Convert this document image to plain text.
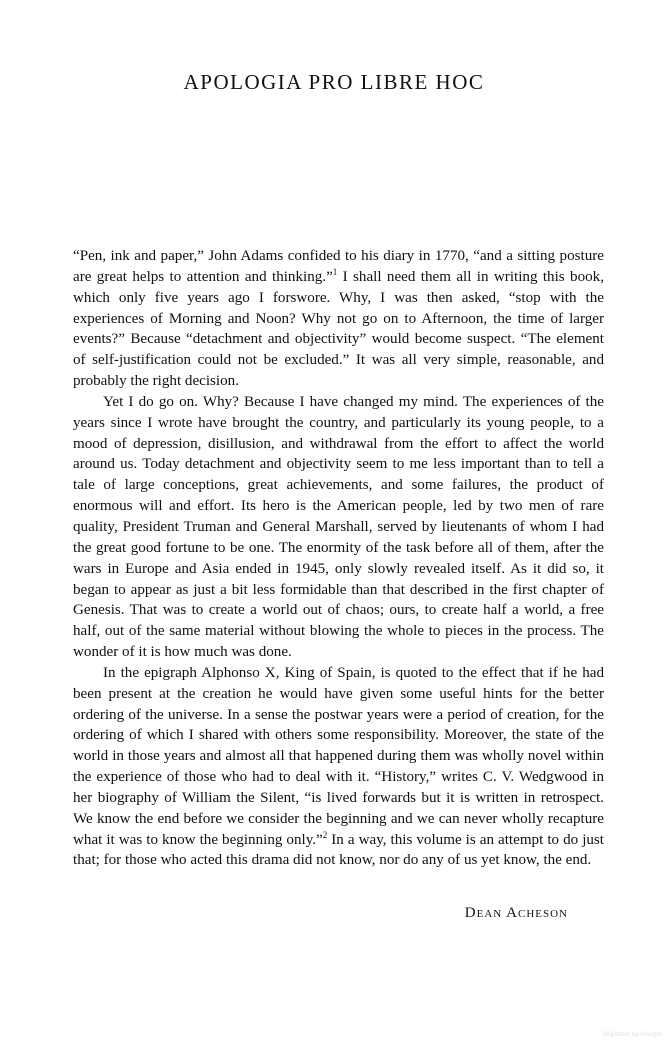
APOLOGIA PRO LIBRE HOC

“Pen, ink and paper,” John Adams confided to his diary in 1770, “and a sitting posture are great helps to attention and thinking.”$^1$ I shall need them all in writing this book, which only five years ago I forswore. Why, I was then asked, “stop with the experiences of Morning and Noon? Why not go on to Afternoon, the time of larger events?” Because “detachment and objectivity” would become suspect. “The element of self-justification could not be excluded.” It was all very simple, reasonable, and probably the right decision.

Yet I do go on. Why? Because I have changed my mind. The experiences of the years since I wrote have brought the country, and particularly its young people, to a mood of depression, disillusion, and withdrawal from the effort to affect the world around us. Today detachment and objectivity seem to me less important than to tell a tale of large conceptions, great achievements, and some failures, the product of enormous will and effort. Its hero is the American people, led by two men of rare quality, President Truman and General Marshall, served by lieutenants of whom I had the great good fortune to be one. The enormity of the task before all of them, after the wars in Europe and Asia ended in 1945, only slowly revealed itself. As it did so, it began to appear as just a bit less formidable than that described in the first chapter of Genesis. That was to create a world out of chaos; ours, to create half a world, a free half, out of the same material without blowing the whole to pieces in the process. The wonder of it is how much was done.

In the epigraph Alphonso X, King of Spain, is quoted to the effect that if he had been present at the creation he would have given some useful hints for the better ordering of the universe. In a sense the postwar years were a period of creation, for the ordering of which I shared with others some responsibility. Moreover, the state of the world in those years and almost all that happened during them was wholly novel within the experience of those who had to deal with it. “History,” writes C. V. Wedgwood in her biography of William the Silent, “is lived forwards but it is written in retrospect. We know the end before we consider the beginning and we can never wholly recapture what it was to know the beginning only.”$^2$ In a way, this volume is an attempt to do just that; for those who acted this drama did not know, nor do any of us yet know, the end.

Dean Acheson
Digitized by Google
